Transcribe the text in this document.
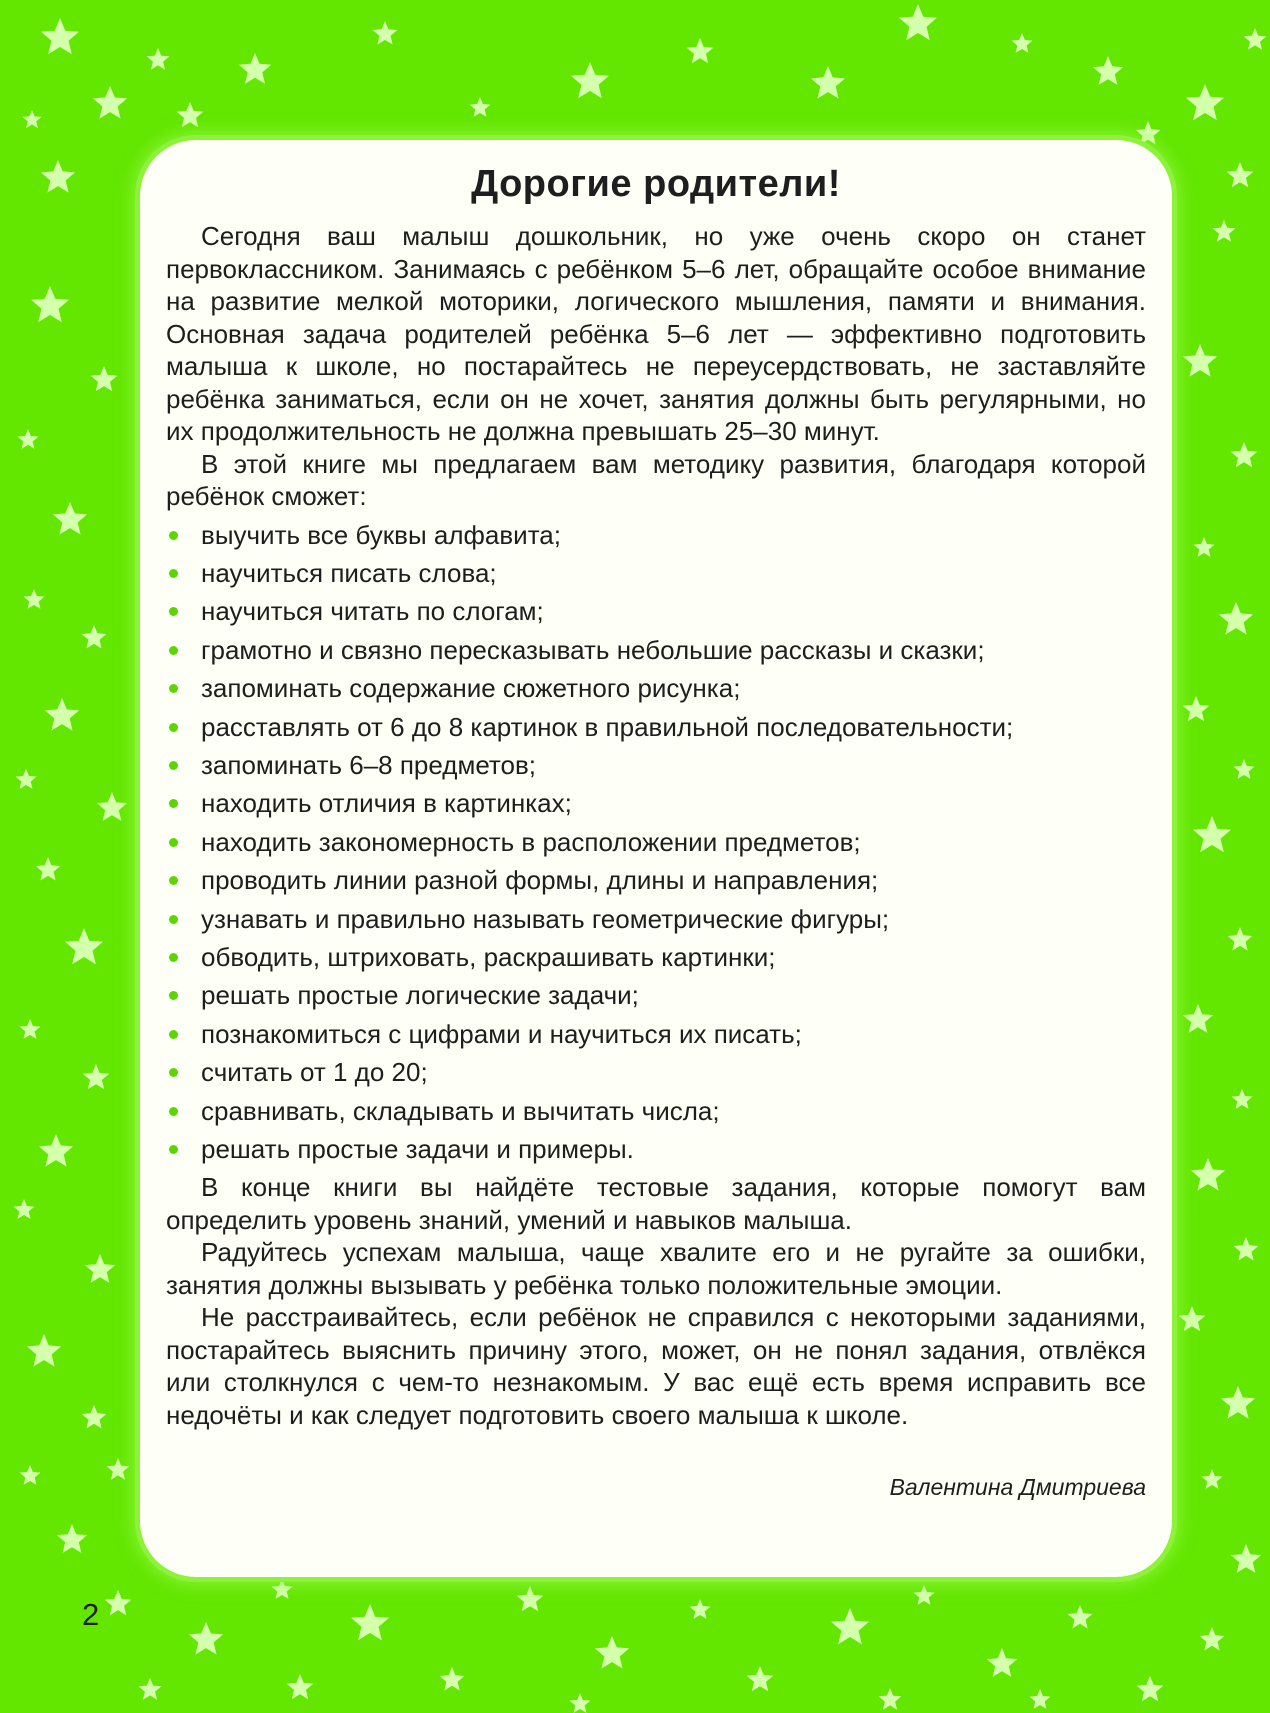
Дорогие родители!

Сегодня ваш малыш дошкольник, но уже очень скоро он станет первоклассником. Занимаясь с ребёнком 5–6 лет, обращайте особое внимание на развитие мелкой моторики, логического мышления, памяти и внимания. Основная задача родителей ребёнка 5–6 лет — эффективно подготовить малыша к школе, но постарайтесь не переусердствовать, не заставляйте ребёнка заниматься, если он не хочет, занятия должны быть регулярными, но их продолжительность не должна превышать 25–30 минут.

В этой книге мы предлагаем вам методику развития, благодаря которой ребёнок сможет:

выучить все буквы алфавита;
научиться писать слова;
научиться читать по слогам;
грамотно и связно пересказывать небольшие рассказы и сказки;
запоминать содержание сюжетного рисунка;
расставлять от 6 до 8 картинок в правильной последовательности;
запоминать 6–8 предметов;
находить отличия в картинках;
находить закономерность в расположении предметов;
проводить линии разной формы, длины и направления;
узнавать и правильно называть геометрические фигуры;
обводить, штриховать, раскрашивать картинки;
решать простые логические задачи;
познакомиться с цифрами и научиться их писать;
считать от 1 до 20;
сравнивать, складывать и вычитать числа;
решать простые задачи и примеры.

В конце книги вы найдёте тестовые задания, которые помогут вам определить уровень знаний, умений и навыков малыша.

Радуйтесь успехам малыша, чаще хвалите его и не ругайте за ошибки, занятия должны вызывать у ребёнка только положительные эмоции.

Не расстраивайтесь, если ребёнок не справился с некоторыми заданиями, постарайтесь выяснить причину этого, может, он не понял задания, отвлёкся или столкнулся с чем-то незнакомым. У вас ещё есть время исправить все недочёты и как следует подготовить своего малыша к школе.

Валентина Дмитриева
2
